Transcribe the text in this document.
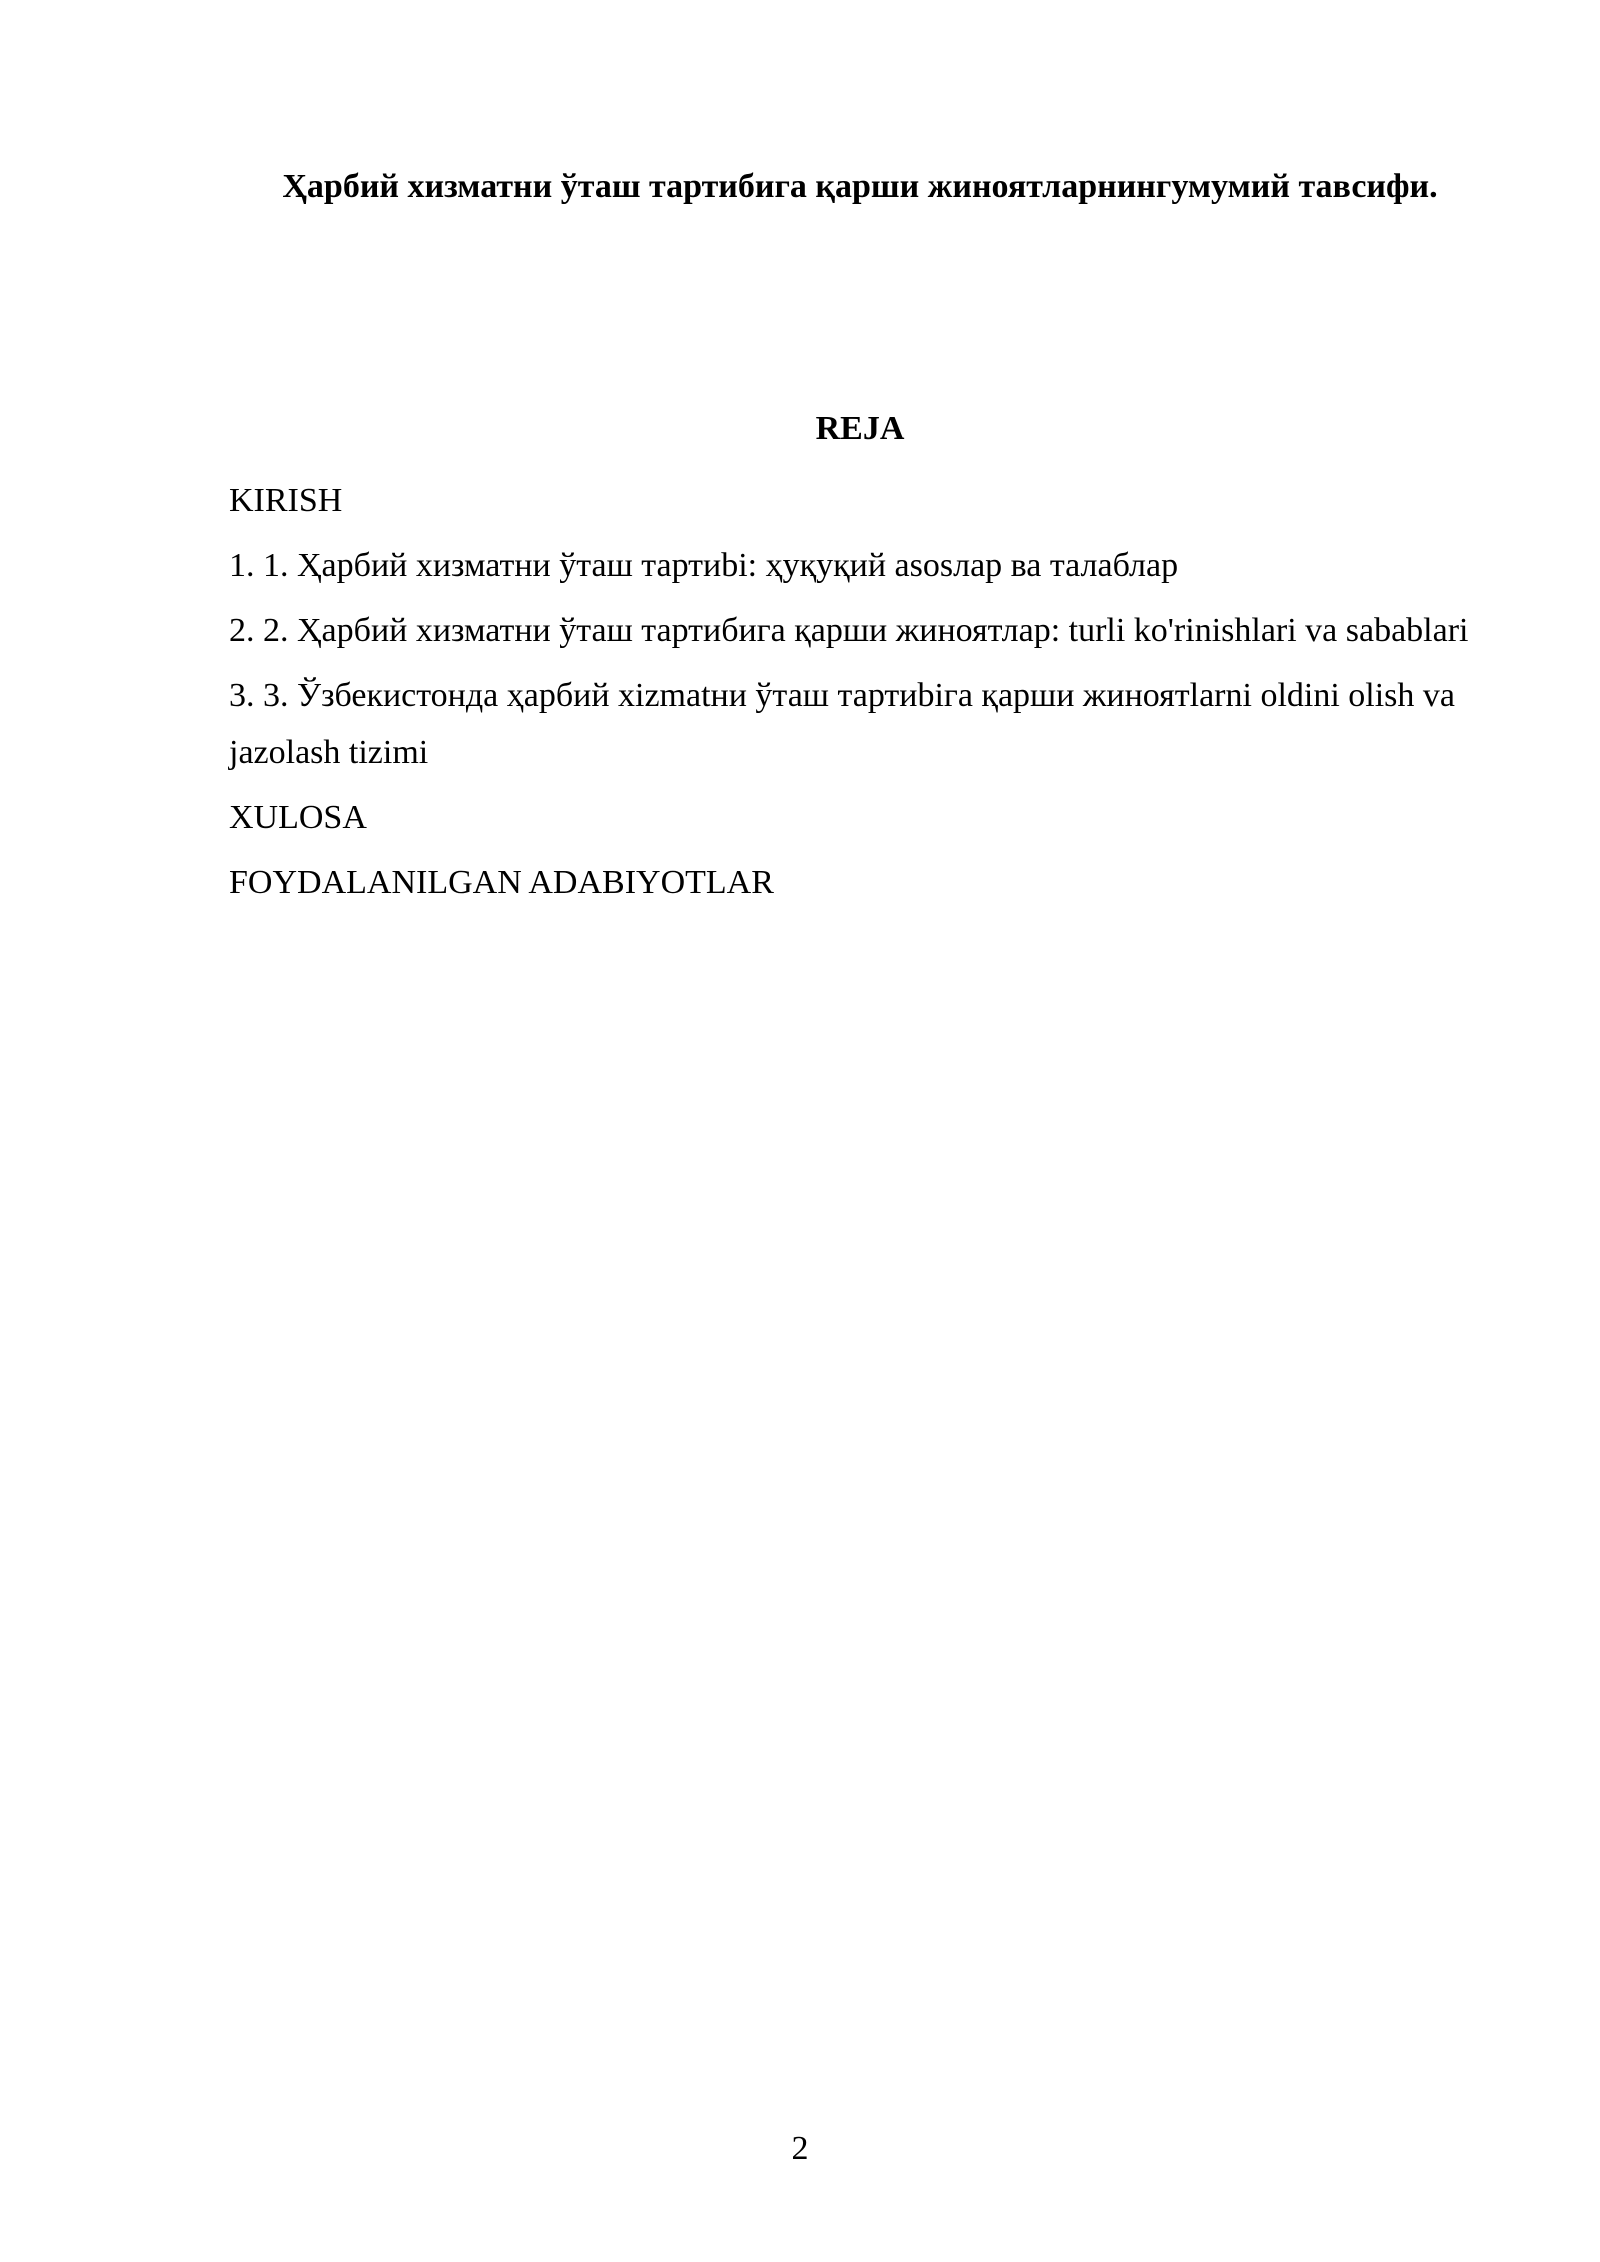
Ҳарбий хизматни ўташ тартибига қарши жиноятларнингумумий тавсифи.
REJA
KIRISH
1. 1. Ҳарбий хизматни ўташ тартиbi: ҳуқуқий asosлар ва талаблар
2. 2. Ҳарбий хизматни ўташ тартибига қарши жиноятлар: turli ko'rinishlari va sabablari
3. 3. Ўзбекистонда ҳарбий xizmatни ўташ тартиbiга қарши жиноятlarni oldini olish va jazolash tizimi
XULOSA
FOYDALANILGAN ADABIYOTLAR
2
